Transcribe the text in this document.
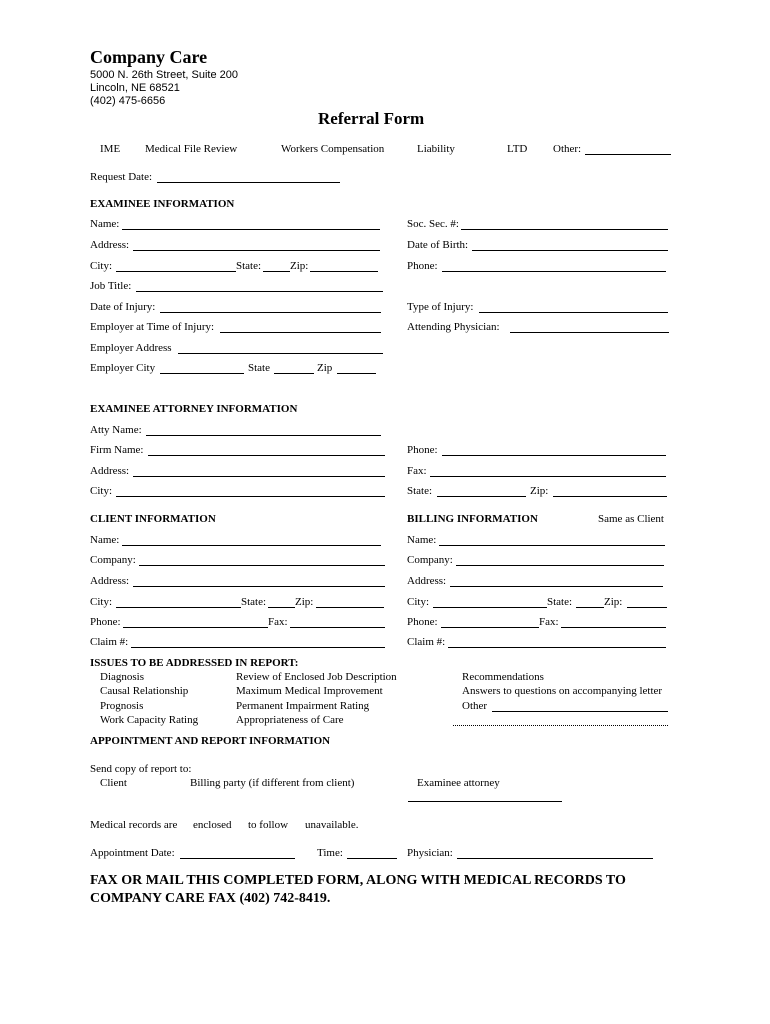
Company Care
5000 N. 26th Street, Suite 200
Lincoln, NE 68521
(402) 475-6656
Referral Form
IME Medical File Review	Workers Compensation	Liability	LTD Other:
Request Date:
EXAMINEE INFORMATION
Name:	Soc. Sec. #:
Address:	Date of Birth:
City:	State:	Zip:	Phone:
Job Title:
Date of Injury:	Type of Injury:
Employer at Time of Injury:	Attending Physician:
Employer Address
Employer City	State	Zip
EXAMINEE ATTORNEY INFORMATION
Atty Name:
Firm Name:	Phone:
Address:	Fax:
City:	State:	Zip:
CLIENT INFORMATION	BILLING INFORMATION	Same as Client
Name:
Company:
Address:
City:	State:	Zip:
Phone:	Fax:
Claim #:
Name:
Company:
Address:
City:	State:	Zip:
Phone:	Fax:
Claim #:
ISSUES TO BE ADDRESSED IN REPORT:
Diagnosis
Causal Relationship
Prognosis
Work Capacity Rating
Review of Enclosed Job Description
Maximum Medical Improvement
Permanent Impairment Rating
Appropriateness of Care
Recommendations
Answers to questions on accompanying letter
Other
APPOINTMENT AND REPORT INFORMATION
Send copy of report to:
Client	Billing party (if different from client)	Examinee attorney
Medical records are enclosed to follow unavailable.
Appointment Date:	Time:	Physician:
FAX OR MAIL THIS COMPLETED FORM, ALONG WITH MEDICAL RECORDS TO COMPANY CARE FAX (402) 742-8419.
